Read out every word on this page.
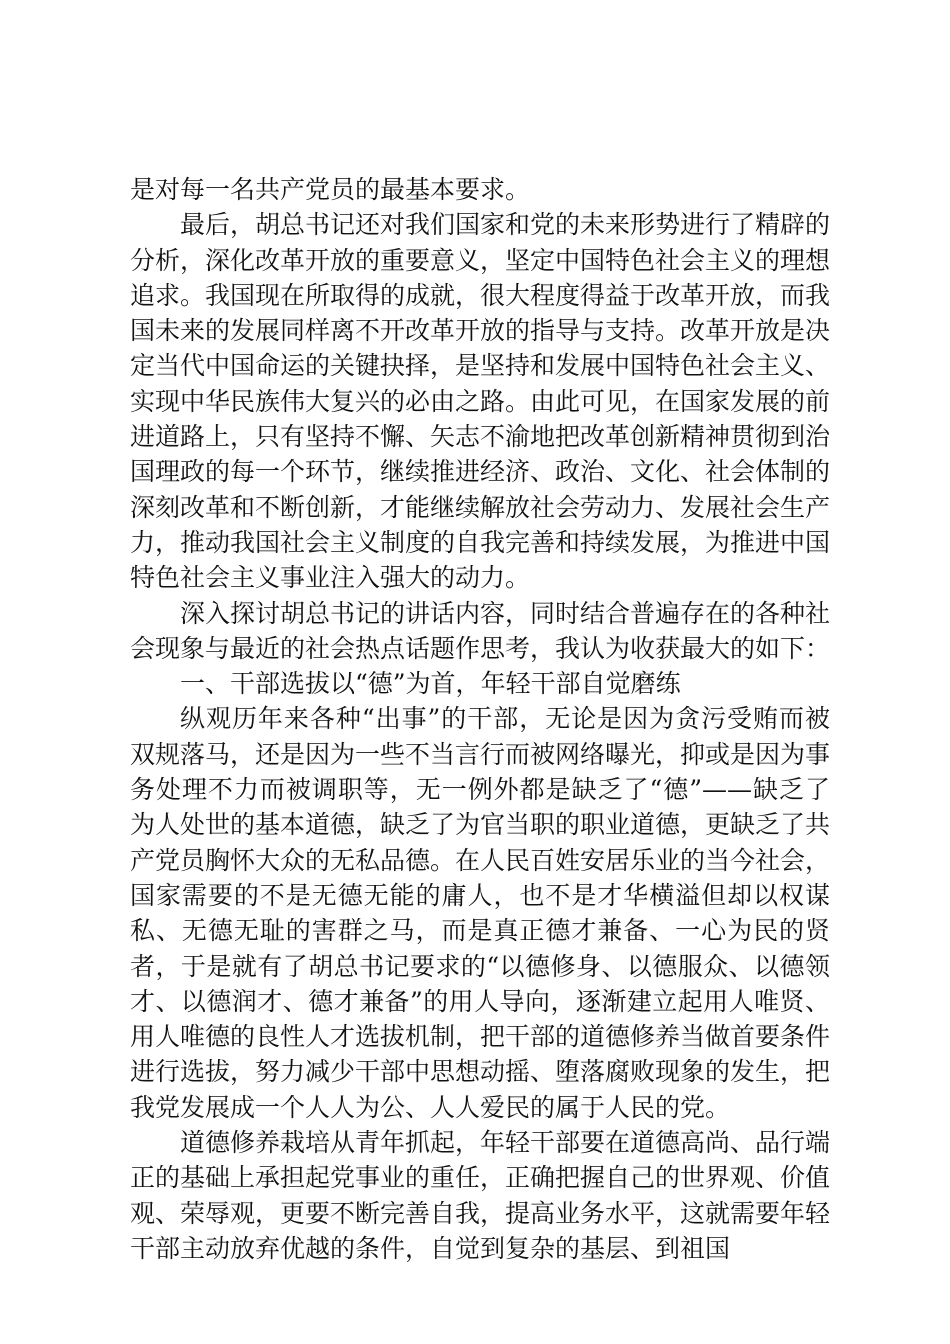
是对每一名共产党员的最基本要求。

最后，胡总书记还对我们国家和党的未来形势进行了精辟的分析，深化改革开放的重要意义，坚定中国特色社会主义的理想追求。我国现在所取得的成就，很大程度得益于改革开放，而我国未来的发展同样离不开改革开放的指导与支持。改革开放是决定当代中国命运的关键抉择，是坚持和发展中国特色社会主义、实现中华民族伟大复兴的必由之路。由此可见，在国家发展的前进道路上，只有坚持不懈、矢志不渝地把改革创新精神贯彻到治国理政的每一个环节，继续推进经济、政治、文化、社会体制的深刻改革和不断创新，才能继续解放社会劳动力、发展社会生产力，推动我国社会主义制度的自我完善和持续发展，为推进中国特色社会主义事业注入强大的动力。

深入探讨胡总书记的讲话内容，同时结合普遍存在的各种社会现象与最近的社会热点话题作思考，我认为收获最大的如下：

一、干部选拔以“德”为首，年轻干部自觉磨练

纵观历年来各种“出事”的干部，无论是因为贪污受贿而被双规落马，还是因为一些不当言行而被网络曝光，抑或是因为事务处理不力而被调职等，无一例外都是缺乏了“德”——缺乏了为人处世的基本道德，缺乏了为官当职的职业道德，更缺乏了共产党员胸怀大众的无私品德。在人民百姓安居乐业的当今社会，国家需要的不是无德无能的庸人，也不是才华横溢但却以权谋私、无德无耻的害群之马，而是真正德才兼备、一心为民的贤者，于是就有了胡总书记要求的“以德修身、以德服众、以德领才、以德润才、德才兼备”的用人导向，逐渐建立起用人唯贤、用人唯德的良性人才选拔机制，把干部的道德修养当做首要条件进行选拔，努力减少干部中思想动摇、堕落腐败现象的发生，把我党发展成一个人人为公、人人爱民的属于人民的党。

道德修养栽培从青年抓起，年轻干部要在道德高尚、品行端正的基础上承担起党事业的重任，正确把握自己的世界观、价值观、荣辱观，更要不断完善自我，提高业务水平，这就需要年轻干部主动放弃优越的条件，自觉到复杂的基层、到祖国
